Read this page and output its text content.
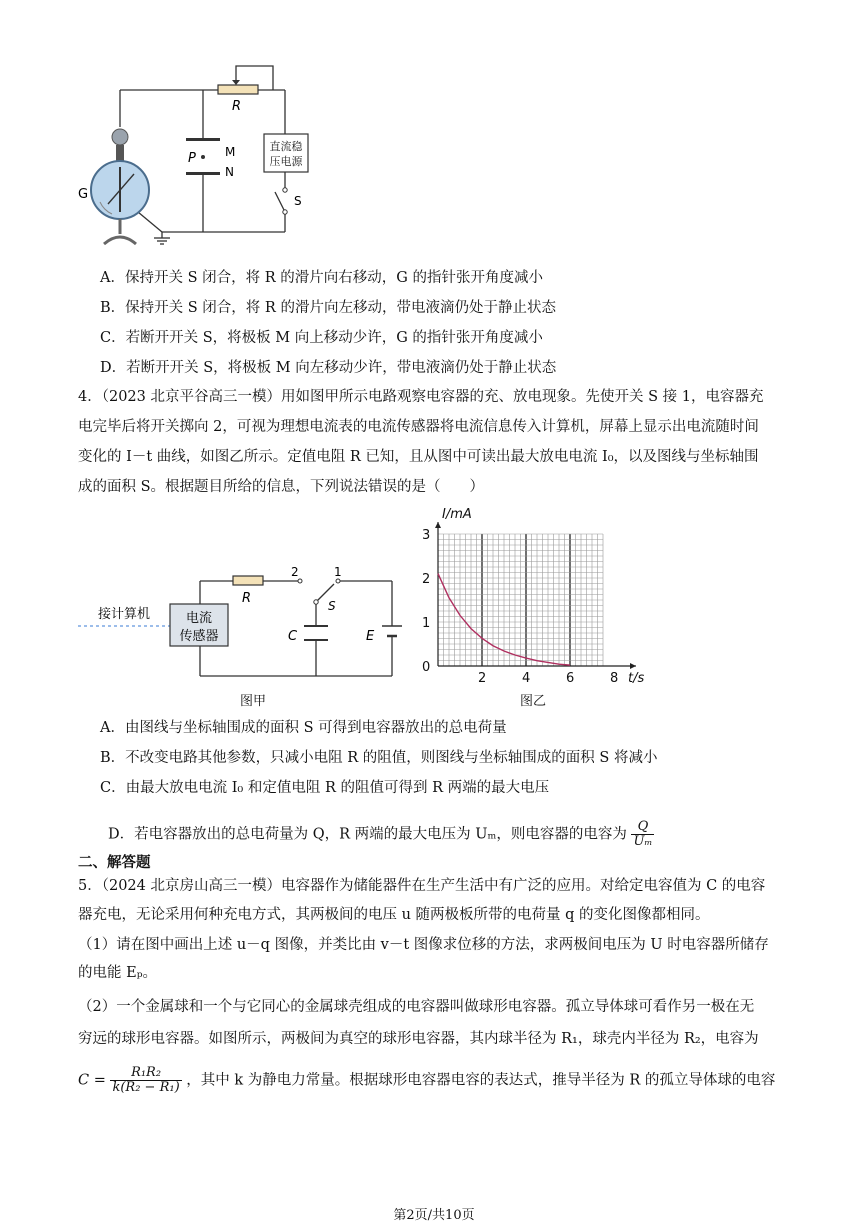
直流稳
压电源
R
P M
N
G	S
A．保持开关 S 闭合，将 R 的滑片向右移动，G 的指针张开角度减小
B．保持开关 S 闭合，将 R 的滑片向左移动，带电液滴仍处于静止状态
C．若断开开关 S，将极板 M 向上移动少许，G 的指针张开角度减小
D．若断开开关 S，将极板 M 向左移动少许，带电液滴仍处于静止状态
4．（2023 北京平谷高三一模）用如图甲所示电路观察电容器的充、放电现象。先使开关 S 接 1，电容器充
电完毕后将开关掷向 2，可视为理想电流表的电流传感器将电流信息传入计算机，屏幕上显示出电流随时间
变化的 I－t 曲线，如图乙所示。定值电阻 R 已知，且从图中可读出最大放电电流 I₀，以及图线与坐标轴围
成的面积 S。根据题目所给的信息，下列说法错误的是（　　）
电流
传感器
接计算机
R
C	E
S
2	1
图甲
2	4	6	8
1
2
3
0
I/mA
t/s
图乙
A．由图线与坐标轴围成的面积 S 可得到电容器放出的总电荷量
B．不改变电路其他参数，只减小电阻 R 的阻值，则图线与坐标轴围成的面积 S 将减小
C．由最大放电电流 I₀ 和定值电阻 R 的阻值可得到 R 两端的最大电压
D．若电容器放出的总电荷量为 Q，R 两端的最大电压为 Uₘ，则电容器的电容为 $\frac{Q}{\text{Uₘ}}$
二、解答题
5．（2024 北京房山高三一模）电容器作为储能器件在生产生活中有广泛的应用。对给定电容值为 C 的电容
器充电，无论采用何种充电方式，其两极间的电压 u 随两极板所带的电荷量 q 的变化图像都相同。
（1）请在图中画出上述 u－q 图像，并类比由 v－t 图像求位移的方法，求两极间电压为 U 时电容器所储存
的电能 Eₚ。
（2）一个金属球和一个与它同心的金属球壳组成的电容器叫做球形电容器。孤立导体球可看作另一极在无
穷远的球形电容器。如图所示，两极间为真空的球形电容器，其内球半径为 R₁，球壳内半径为 R₂，电容为
$C = \frac{\text{R₁R₂}}{\text{k(R₂ − R₁)}}$ ，其中 k 为静电力常量。根据球形电容器电容的表达式，推导半径为 R 的孤立导体球的电容
第2页/共10页
